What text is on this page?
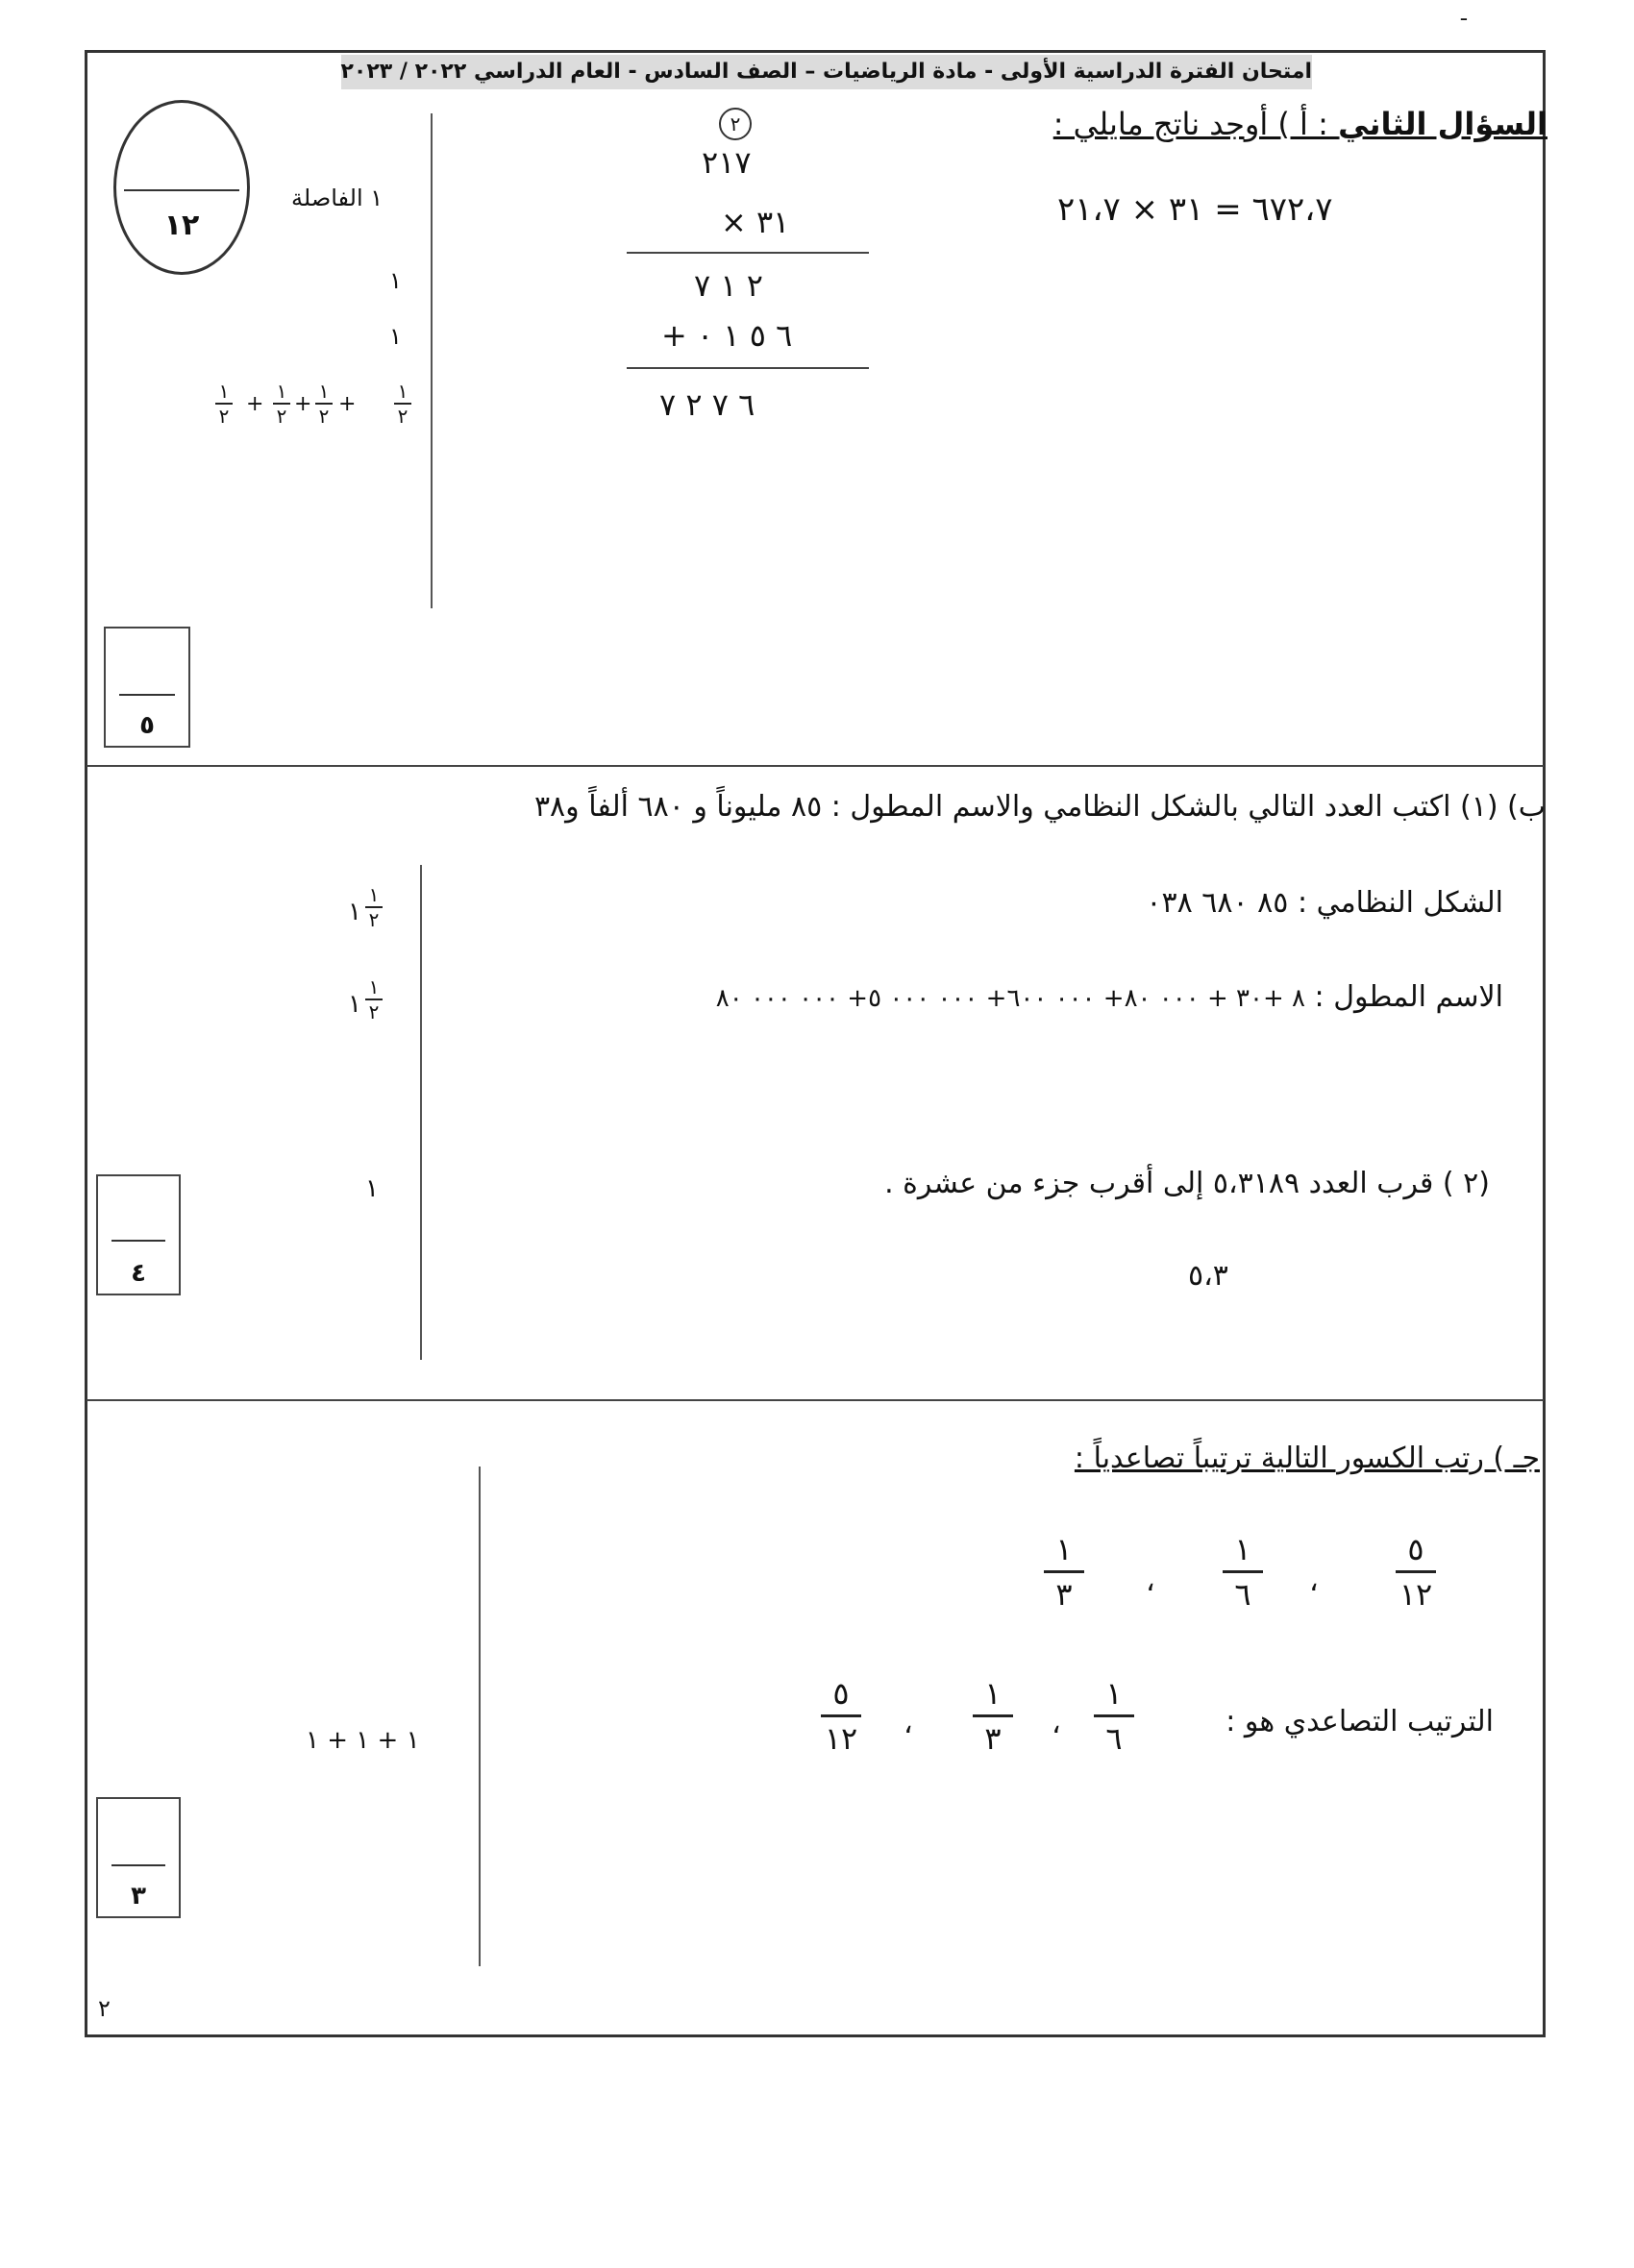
ـ
امتحان الفترة الدراسية الأولى - مادة الرياضيات – الصف السادس - العام الدراسي ٢٠٢٢ / ٢٠٢٣
السؤال الثاني : أ ) أوجد ناتج مايلي :
٦٧٢،٧ = ٣١ × ٢١،٧
٢
٢١٧
٣١ ×
٢ ١ ٧
٦ ٥ ١ ٠ +
٦ ٧ ٢ ٧
١ الفاصلة
١
١
١
٢ +
١
٢ +
١
٢ +
١
٢
١٢
٥
ب) (١) اكتب العدد التالي بالشكل النظامي والاسم المطول : ٨٥ مليوناً و ٦٨٠ ألفاً و٣٨
الشكل النظامي : ٨٥ ٦٨٠ ٠٣٨
الاسم المطول : ٨ +٣٠ + ٠٠٠ ٨٠+ ٠٠٠ ٦٠٠+ ٠٠٠ ٠٠٠ ٥+ ٠٠٠ ٠٠٠ ٨٠
١
١
٢
١
١
٢
(٢ ) قرب العدد ٥،٣١٨٩ إلى أقرب جزء من عشرة .
٥،٣
١
٤
جـ ) رتب الكسور التالية ترتيباً تصاعدياً :
٥
١٢
،
١
٦
،
١
٣
الترتيب التصاعدي هو :
١
٦
،
١
٣
،
٥
١٢
١ + ١ + ١
٣
٢
